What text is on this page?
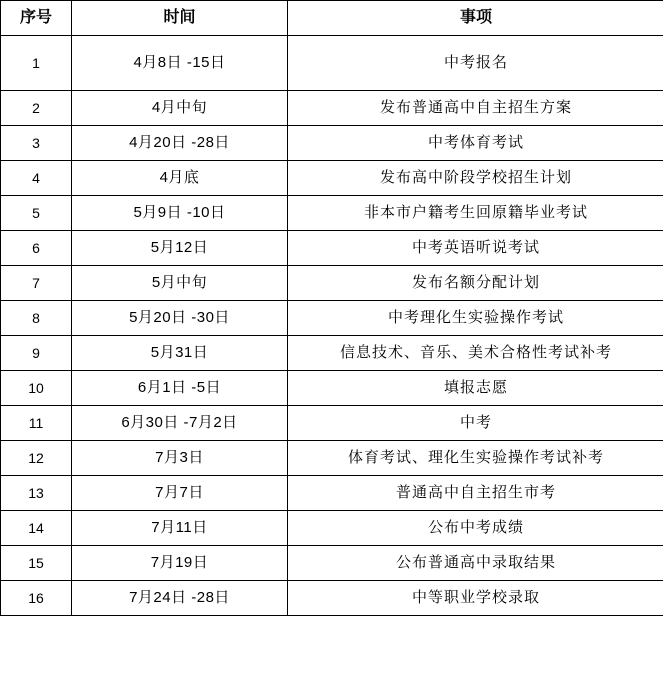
序号	时间	事项
1	4月8日 -15日	中考报名
2	4月中旬	发布普通高中自主招生方案
3	4月20日 -28日	中考体育考试
4	4月底	发布高中阶段学校招生计划
5	5月9日 -10日	非本市户籍考生回原籍毕业考试
6	5月12日	中考英语听说考试
7	5月中旬	发布名额分配计划
8	5月20日 -30日	中考理化生实验操作考试
9	5月31日	信息技术、音乐、美术合格性考试补考
10	6月1日 -5日	填报志愿
11	6月30日 -7月2日	中考
12	7月3日	体育考试、理化生实验操作考试补考
13	7月7日	普通高中自主招生市考
14	7月11日	公布中考成绩
15	7月19日	公布普通高中录取结果
16	7月24日 -28日	中等职业学校录取
